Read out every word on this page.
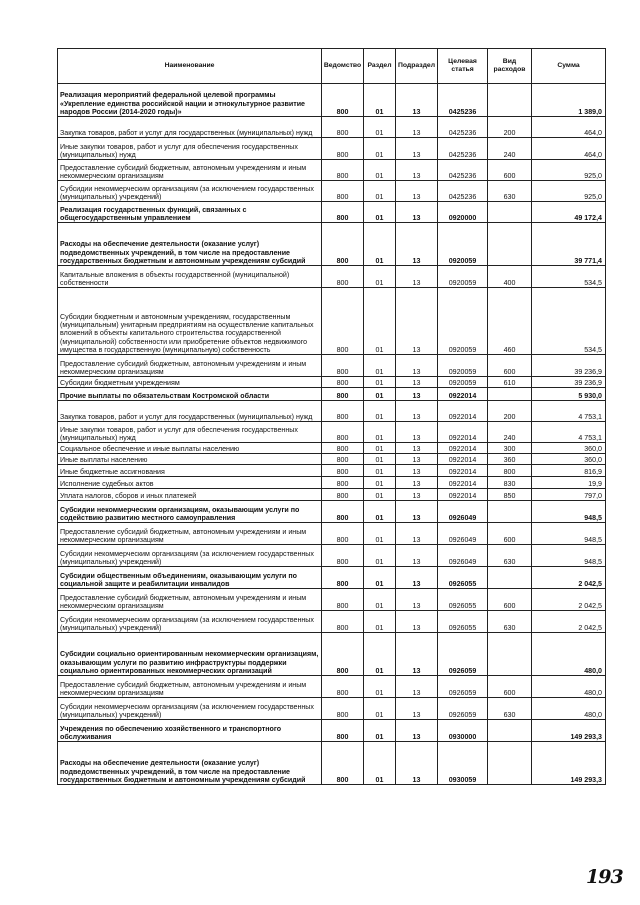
Наименование	Ведомство	Раздел	Подраздел	Целевая статья	Вид расходов	Сумма
Реализация мероприятий федеральной целевой программы «Укрепление единства российской нации и этнокультурное развитие народов России (2014-2020 годы)»	800	01	13	0425236		1 389,0
Закупка товаров, работ и услуг для государственных (муниципальных) нужд	800	01	13	0425236	200	464,0
Иные закупки товаров, работ и услуг для обеспечения государственных (муниципальных) нужд	800	01	13	0425236	240	464,0
Предоставление субсидий бюджетным, автономным учреждениям и иным некоммерческим организациям	800	01	13	0425236	600	925,0
Субсидии некоммерческим организациям (за исключением государственных (муниципальных) учреждений)	800	01	13	0425236	630	925,0
Реализация государственных функций, связанных с общегосударственным управлением	800	01	13	0920000		49 172,4
Расходы на обеспечение деятельности (оказание услуг) подведомственных учреждений, в том числе на предоставление государственных бюджетным и автономным учреждениям субсидий	800	01	13	0920059		39 771,4
Капитальные вложения в объекты государственной (муниципальной) собственности	800	01	13	0920059	400	534,5
Субсидии бюджетным и автономным учреждениям, государственным (муниципальным) унитарным предприятиям на осуществление капитальных вложений в объекты капитального строительства государственной (муниципальной) собственности или приобретение объектов недвижимого имущества в государственную (муниципальную) собственность	800	01	13	0920059	460	534,5
Предоставление субсидий бюджетным, автономным учреждениям и иным некоммерческим организациям	800	01	13	0920059	600	39 236,9
Субсидии бюджетным учреждениям	800	01	13	0920059	610	39 236,9
Прочие выплаты по обязательствам Костромской области	800	01	13	0922014		5 930,0
Закупка товаров, работ и услуг для государственных (муниципальных) нужд	800	01	13	0922014	200	4 753,1
Иные закупки товаров, работ и услуг для обеспечения государственных (муниципальных) нужд	800	01	13	0922014	240	4 753,1
Социальное обеспечение и иные выплаты населению	800	01	13	0922014	300	360,0
Иные выплаты населению	800	01	13	0922014	360	360,0
Иные бюджетные ассигнования	800	01	13	0922014	800	816,9
Исполнение судебных актов	800	01	13	0922014	830	19,9
Уплата налогов, сборов и иных платежей	800	01	13	0922014	850	797,0
Субсидии некоммерческим организациям, оказывающим услуги по содействию развитию местного самоуправления	800	01	13	0926049		948,5
Предоставление субсидий бюджетным, автономным учреждениям и иным некоммерческим организациям	800	01	13	0926049	600	948,5
Субсидии некоммерческим организациям (за исключением государственных (муниципальных) учреждений)	800	01	13	0926049	630	948,5
Субсидии общественным объединениям, оказывающим услуги по социальной защите и реабилитации инвалидов	800	01	13	0926055		2 042,5
Предоставление субсидий бюджетным, автономным учреждениям и иным некоммерческим организациям	800	01	13	0926055	600	2 042,5
Субсидии некоммерческим организациям (за исключением государственных (муниципальных) учреждений)	800	01	13	0926055	630	2 042,5
Субсидии социально ориентированным некоммерческим организациям, оказывающим услуги по развитию инфраструктуры поддержки социально ориентированных некоммерческих организаций	800	01	13	0926059		480,0
Предоставление субсидий бюджетным, автономным учреждениям и иным некоммерческим организациям	800	01	13	0926059	600	480,0
Субсидии некоммерческим организациям (за исключением государственных (муниципальных) учреждений)	800	01	13	0926059	630	480,0
Учреждения по обеспечению хозяйственного и транспортного обслуживания	800	01	13	0930000		149 293,3
Расходы на обеспечение деятельности (оказание услуг) подведомственных учреждений, в том числе на предоставление государственных бюджетным и автономным учреждениям субсидий	800	01	13	0930059		149 293,3
193
